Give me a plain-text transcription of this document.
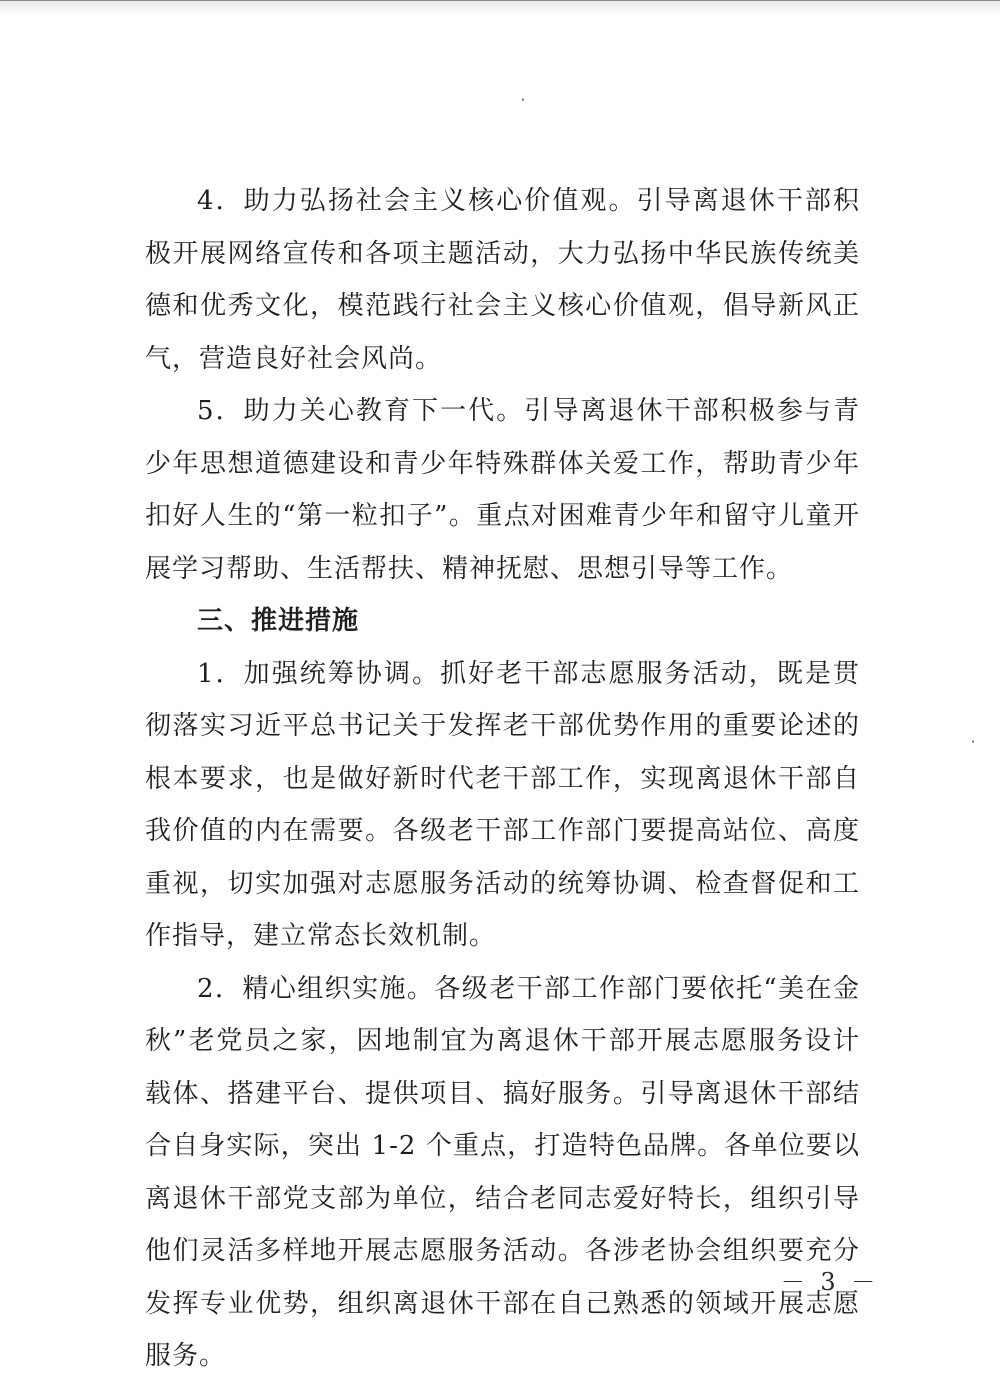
4．助力弘扬社会主义核心价值观。引导离退休干部积极开展网络宣传和各项主题活动，大力弘扬中华民族传统美德和优秀文化，模范践行社会主义核心价值观，倡导新风正气，营造良好社会风尚。

5．助力关心教育下一代。引导离退休干部积极参与青少年思想道德建设和青少年特殊群体关爱工作，帮助青少年扣好人生的“第一粒扣子”。重点对困难青少年和留守儿童开展学习帮助、生活帮扶、精神抚慰、思想引导等工作。

三、推进措施

1．加强统筹协调。抓好老干部志愿服务活动，既是贯彻落实习近平总书记关于发挥老干部优势作用的重要论述的根本要求，也是做好新时代老干部工作，实现离退休干部自我价值的内在需要。各级老干部工作部门要提高站位、高度重视，切实加强对志愿服务活动的统筹协调、检查督促和工作指导，建立常态长效机制。

2．精心组织实施。各级老干部工作部门要依托“美在金秋”老党员之家，因地制宜为离退休干部开展志愿服务设计载体、搭建平台、提供项目、搞好服务。引导离退休干部结合自身实际，突出 1-2 个重点，打造特色品牌。各单位要以离退休干部党支部为单位，结合老同志爱好特长，组织引导他们灵活多样地开展志愿服务活动。各涉老协会组织要充分发挥专业优势，组织离退休干部在自己熟悉的领域开展志愿服务。

－ 3 －
